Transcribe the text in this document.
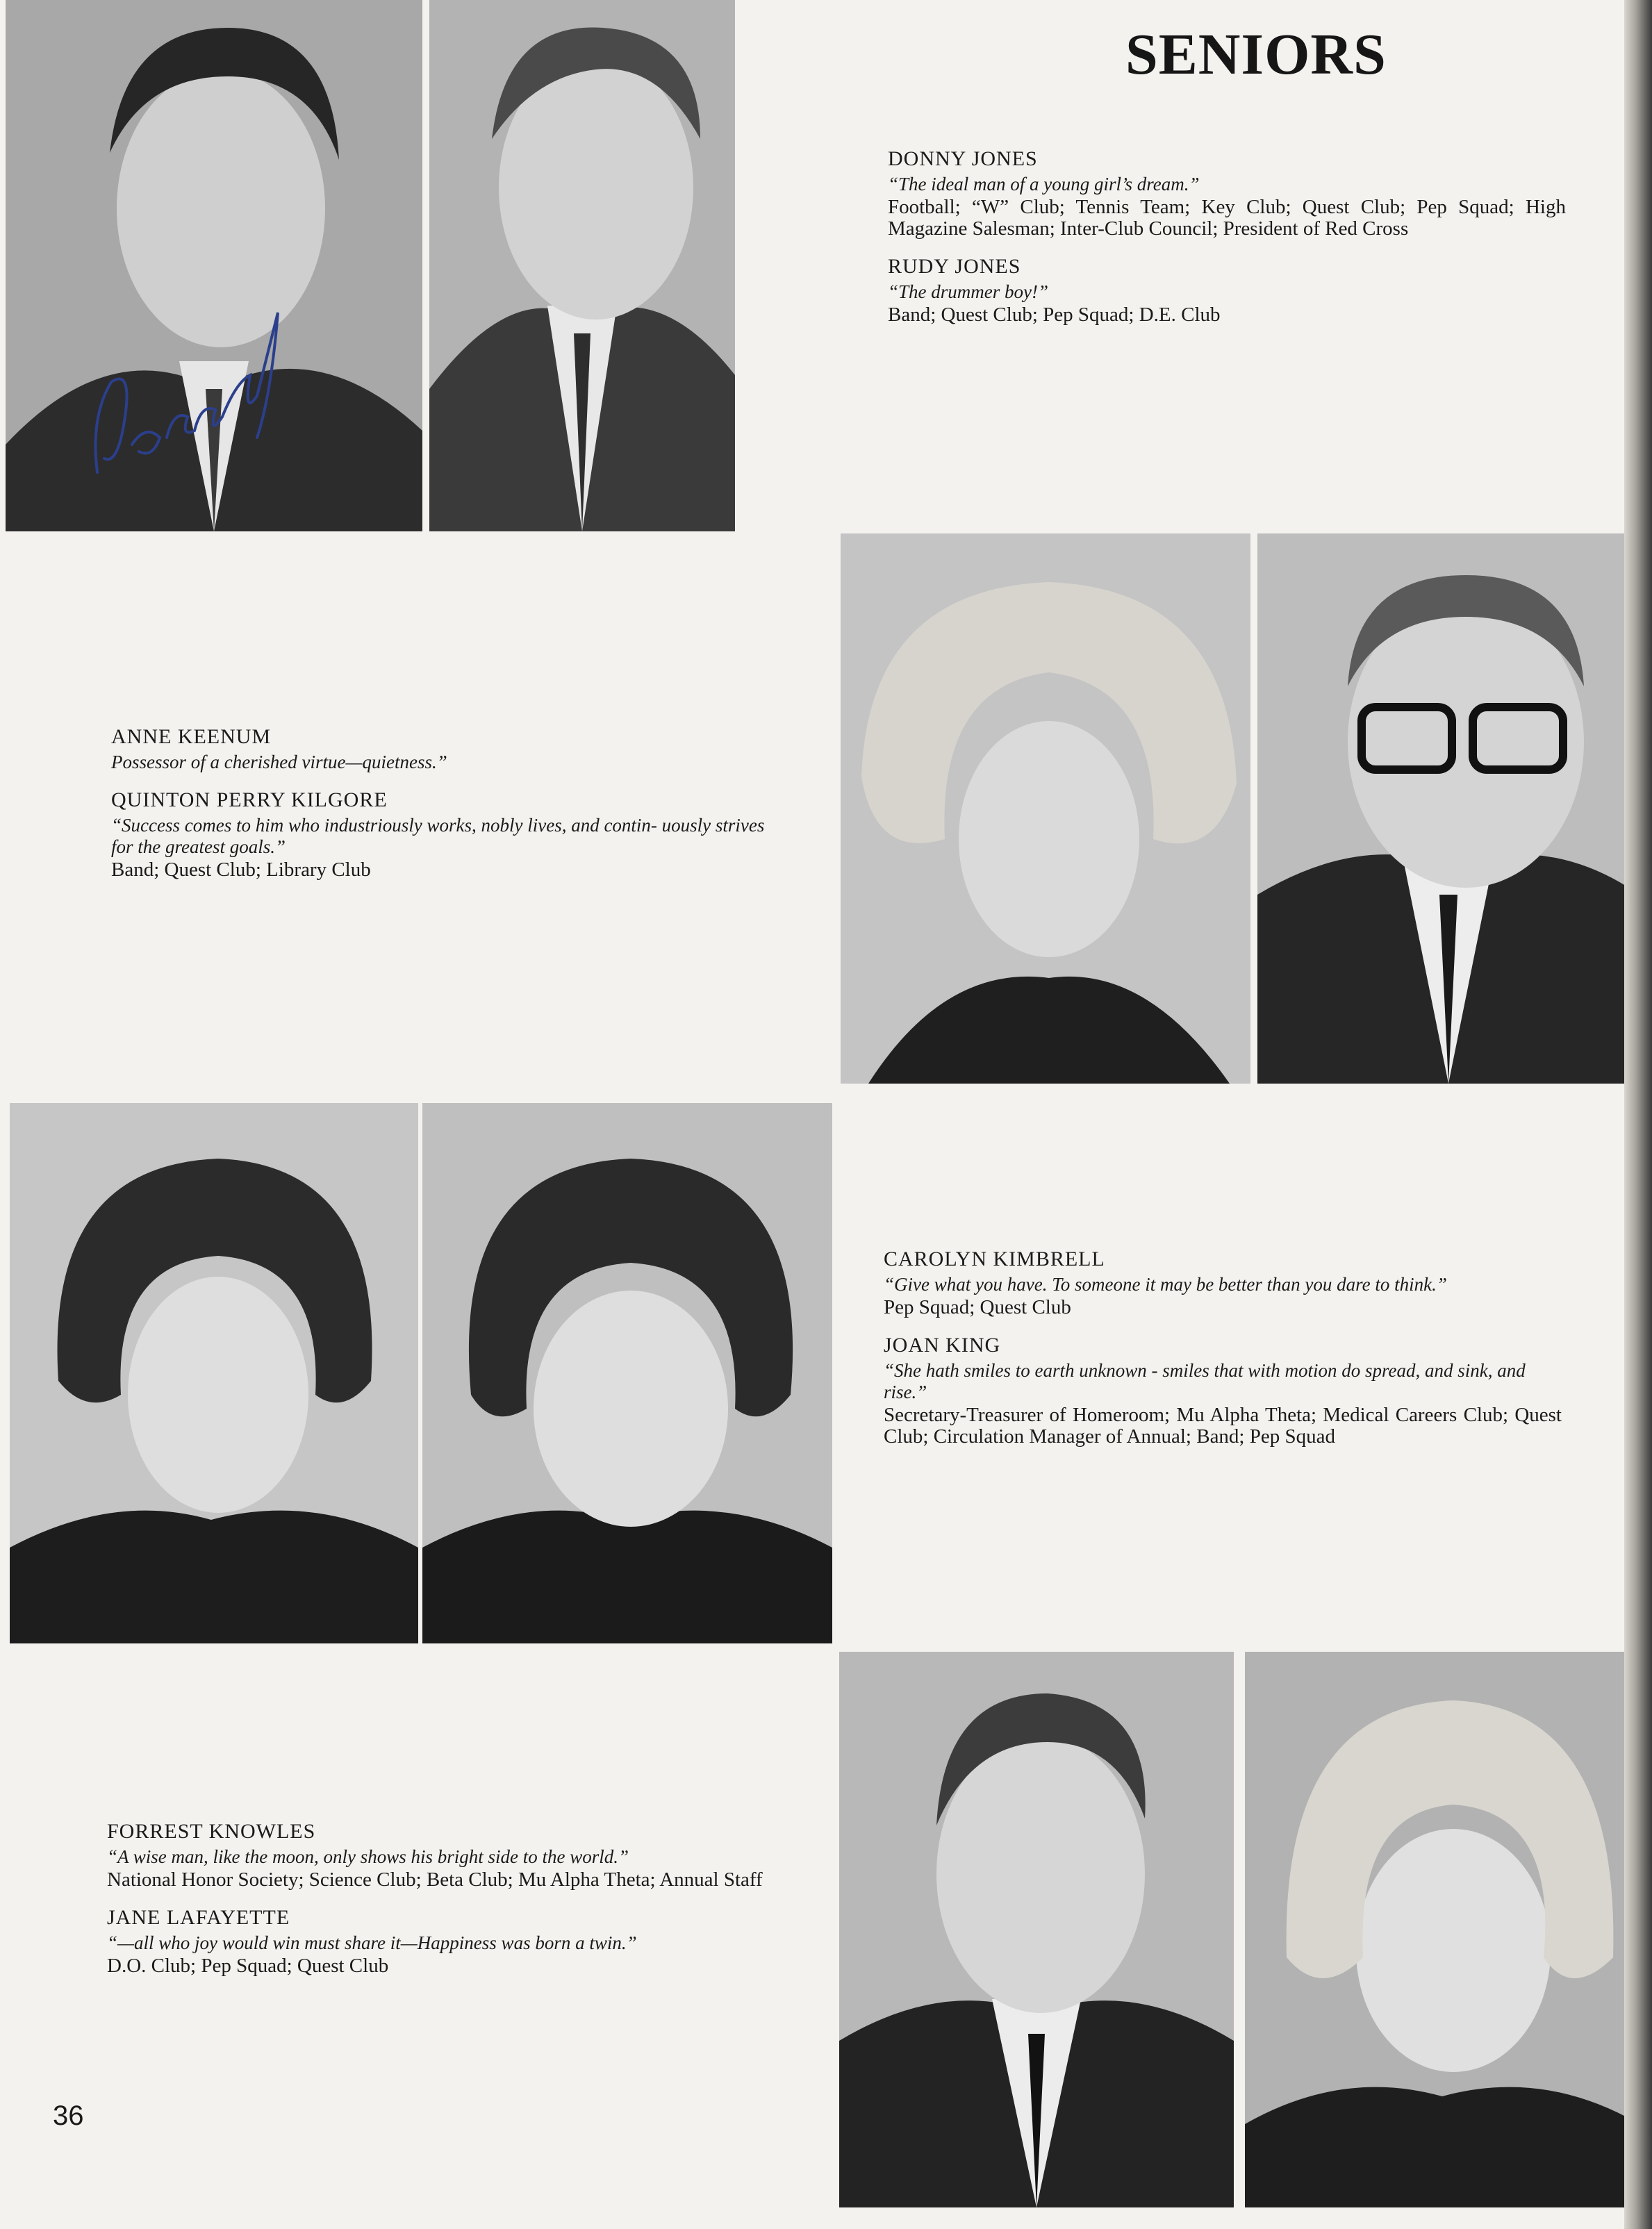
SENIORS

DONNY JONES

“The ideal man of a young girl’s dream.”

Football; “W” Club; Tennis Team; Key Club; Quest Club; Pep Squad; High Magazine Salesman; Inter-Club Council; President of Red Cross

RUDY JONES

“The drummer boy!”

Band; Quest Club; Pep Squad; D.E. Club

ANNE KEENUM

Possessor of a cherished virtue—quietness.”

QUINTON PERRY KILGORE

“Success comes to him who industriously works, nobly lives, and contin- uously strives for the greatest goals.”

Band; Quest Club; Library Club

CAROLYN KIMBRELL

“Give what you have. To someone it may be better than you dare to think.”

Pep Squad; Quest Club

JOAN KING

“She hath smiles to earth unknown - smiles that with motion do spread, and sink, and rise.”

Secretary-Treasurer of Homeroom; Mu Alpha Theta; Medical Careers Club; Quest Club; Circulation Manager of Annual; Band; Pep Squad

FORREST KNOWLES

“A wise man, like the moon, only shows his bright side to the world.”

National Honor Society; Science Club; Beta Club; Mu Alpha Theta; Annual Staff

JANE LAFAYETTE

“—all who joy would win must share it—Happiness was born a twin.”

D.O. Club; Pep Squad; Quest Club

36
